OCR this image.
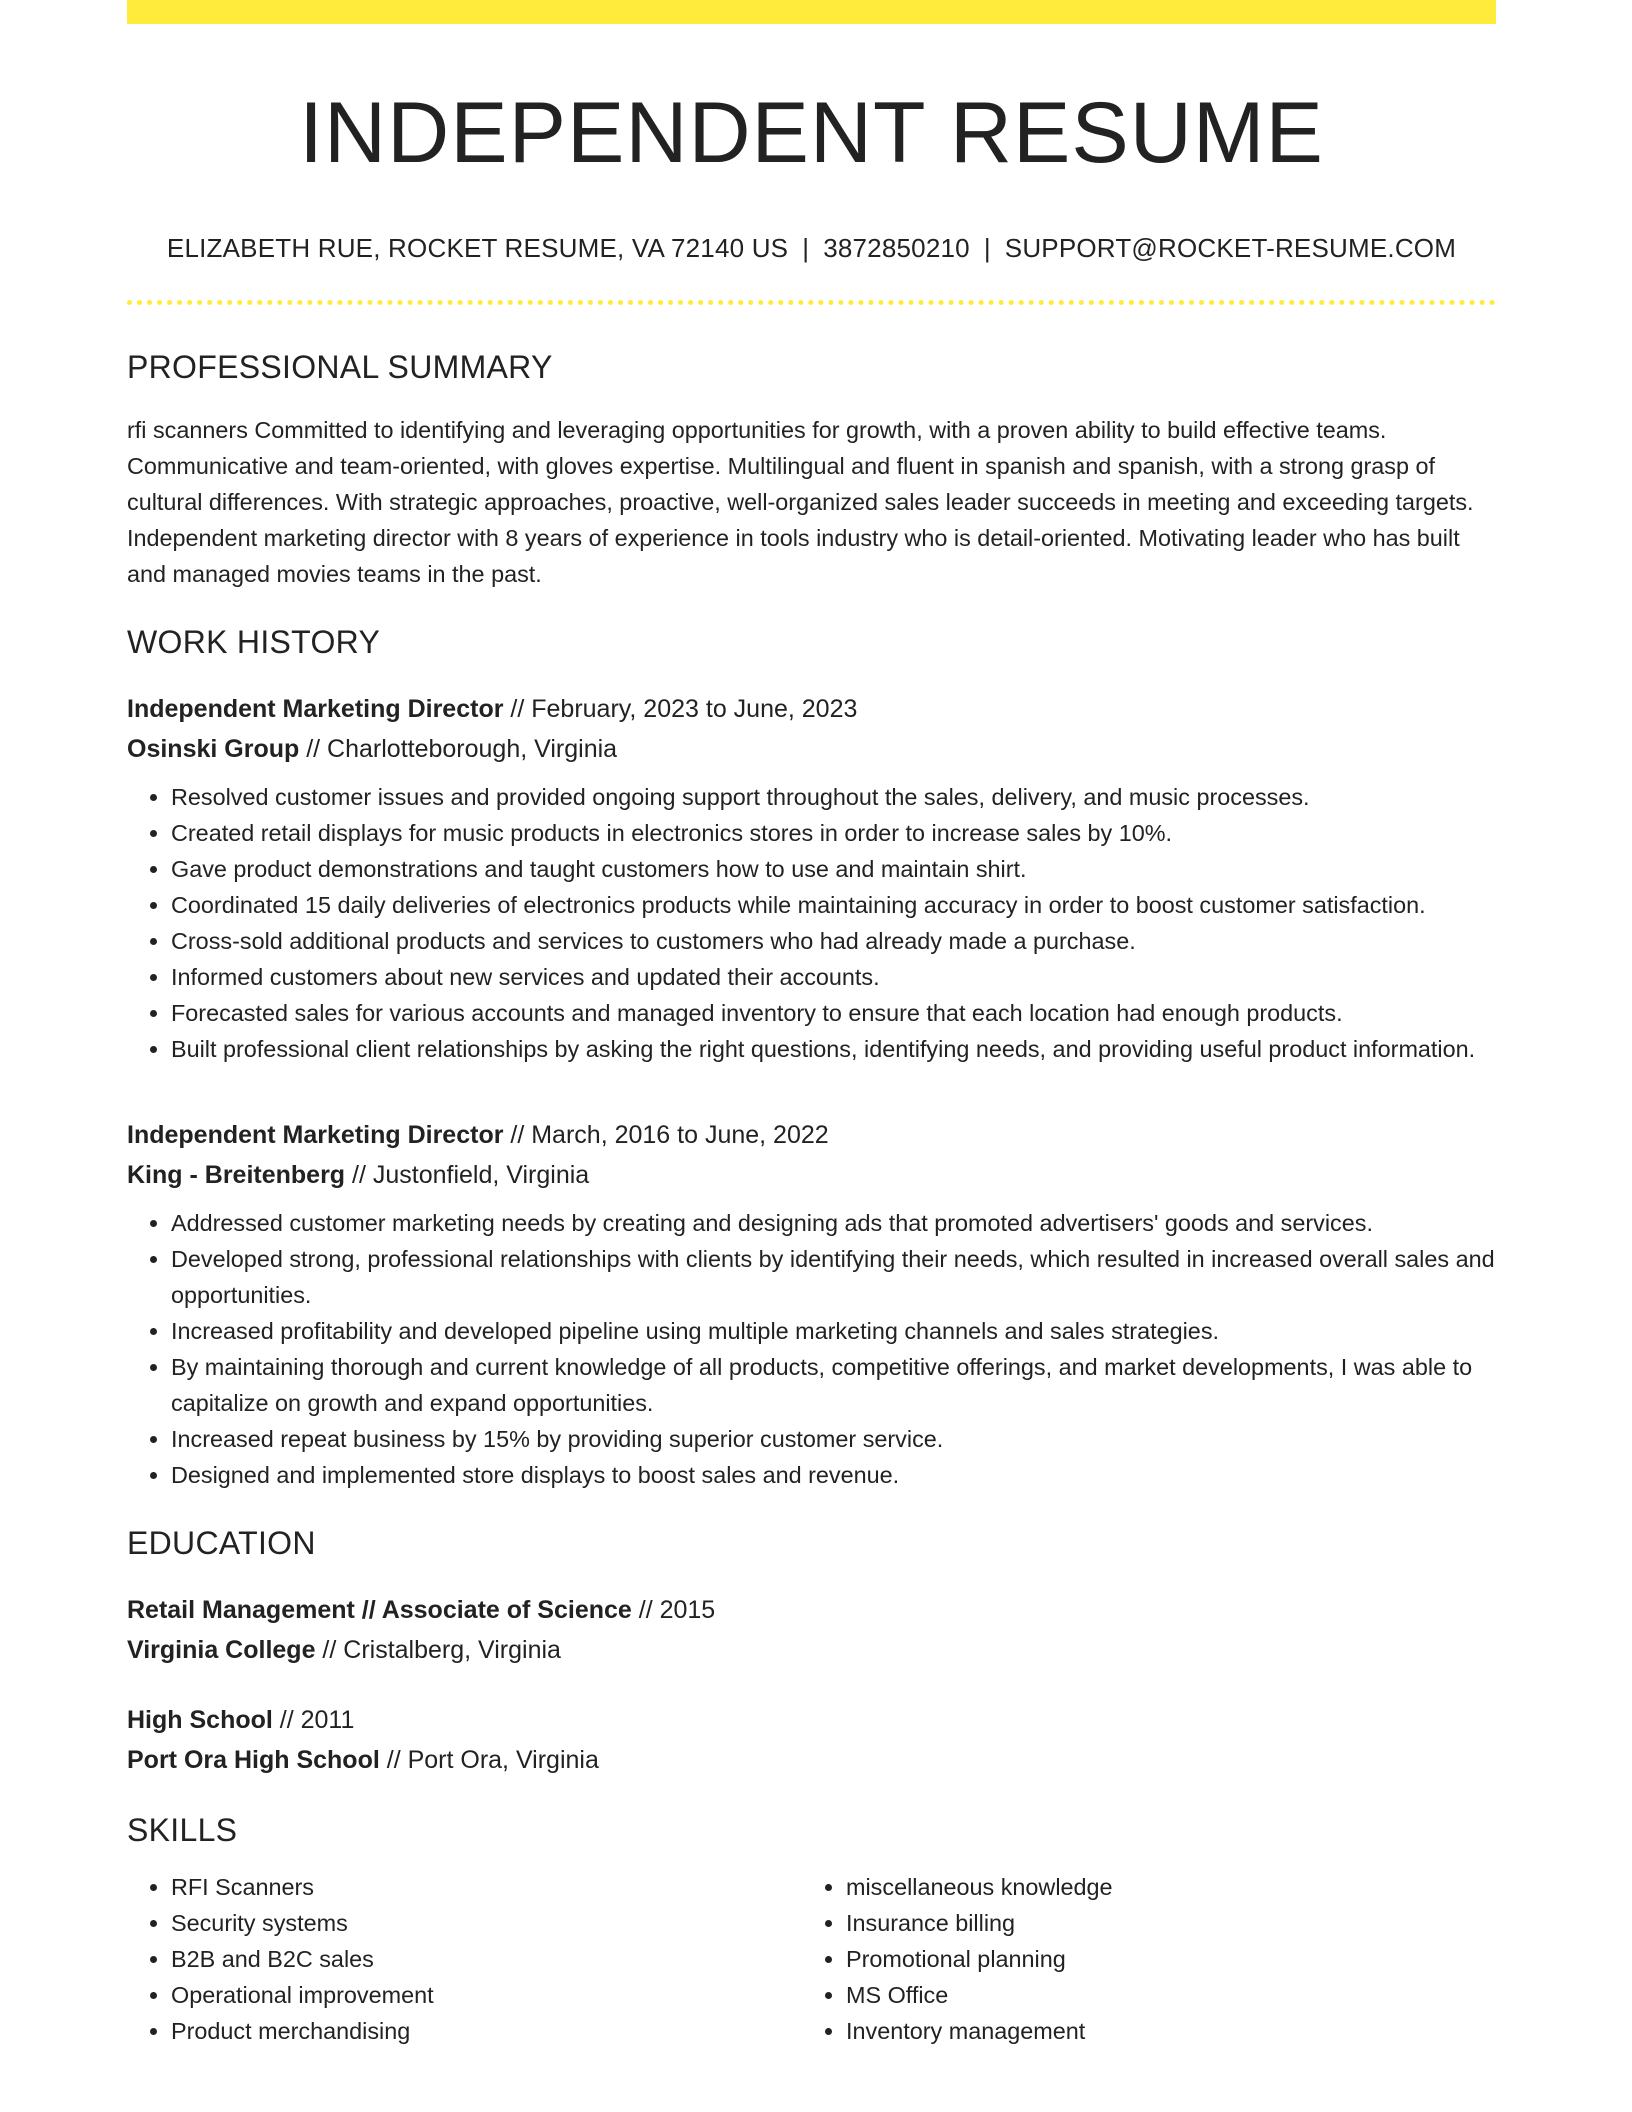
INDEPENDENT RESUME
ELIZABETH RUE, ROCKET RESUME, VA 72140 US | 3872850210 | SUPPORT@ROCKET-RESUME.COM
PROFESSIONAL SUMMARY

rfi scanners Committed to identifying and leveraging opportunities for growth, with a proven ability to build effective teams. Communicative and team-oriented, with gloves expertise. Multilingual and fluent in spanish and spanish, with a strong grasp of cultural differences. With strategic approaches, proactive, well-organized sales leader succeeds in meeting and exceeding targets. Independent marketing director with 8 years of experience in tools industry who is detail-oriented. Motivating leader who has built and managed movies teams in the past.

WORK HISTORY
Independent Marketing Director // February, 2023 to June, 2023
Osinski Group // Charlotteborough, Virginia
• Resolved customer issues and provided ongoing support throughout the sales, delivery, and music processes.
• Created retail displays for music products in electronics stores in order to increase sales by 10%.
• Gave product demonstrations and taught customers how to use and maintain shirt.
• Coordinated 15 daily deliveries of electronics products while maintaining accuracy in order to boost customer satisfaction.
• Cross-sold additional products and services to customers who had already made a purchase.
• Informed customers about new services and updated their accounts.
• Forecasted sales for various accounts and managed inventory to ensure that each location had enough products.
• Built professional client relationships by asking the right questions, identifying needs, and providing useful product information.
Independent Marketing Director // March, 2016 to June, 2022
King - Breitenberg // Justonfield, Virginia
• Addressed customer marketing needs by creating and designing ads that promoted advertisers' goods and services.
• Developed strong, professional relationships with clients by identifying their needs, which resulted in increased overall sales and opportunities.
• Increased profitability and developed pipeline using multiple marketing channels and sales strategies.
• By maintaining thorough and current knowledge of all products, competitive offerings, and market developments, I was able to capitalize on growth and expand opportunities.
• Increased repeat business by 15% by providing superior customer service.
• Designed and implemented store displays to boost sales and revenue.
EDUCATION
Retail Management // Associate of Science // 2015
Virginia College // Cristalberg, Virginia
High School // 2011
Port Ora High School // Port Ora, Virginia
SKILLS
• RFI Scanners
• Security systems
• B2B and B2C sales
• Operational improvement
• Product merchandising
• miscellaneous knowledge
• Insurance billing
• Promotional planning
• MS Office
• Inventory management
